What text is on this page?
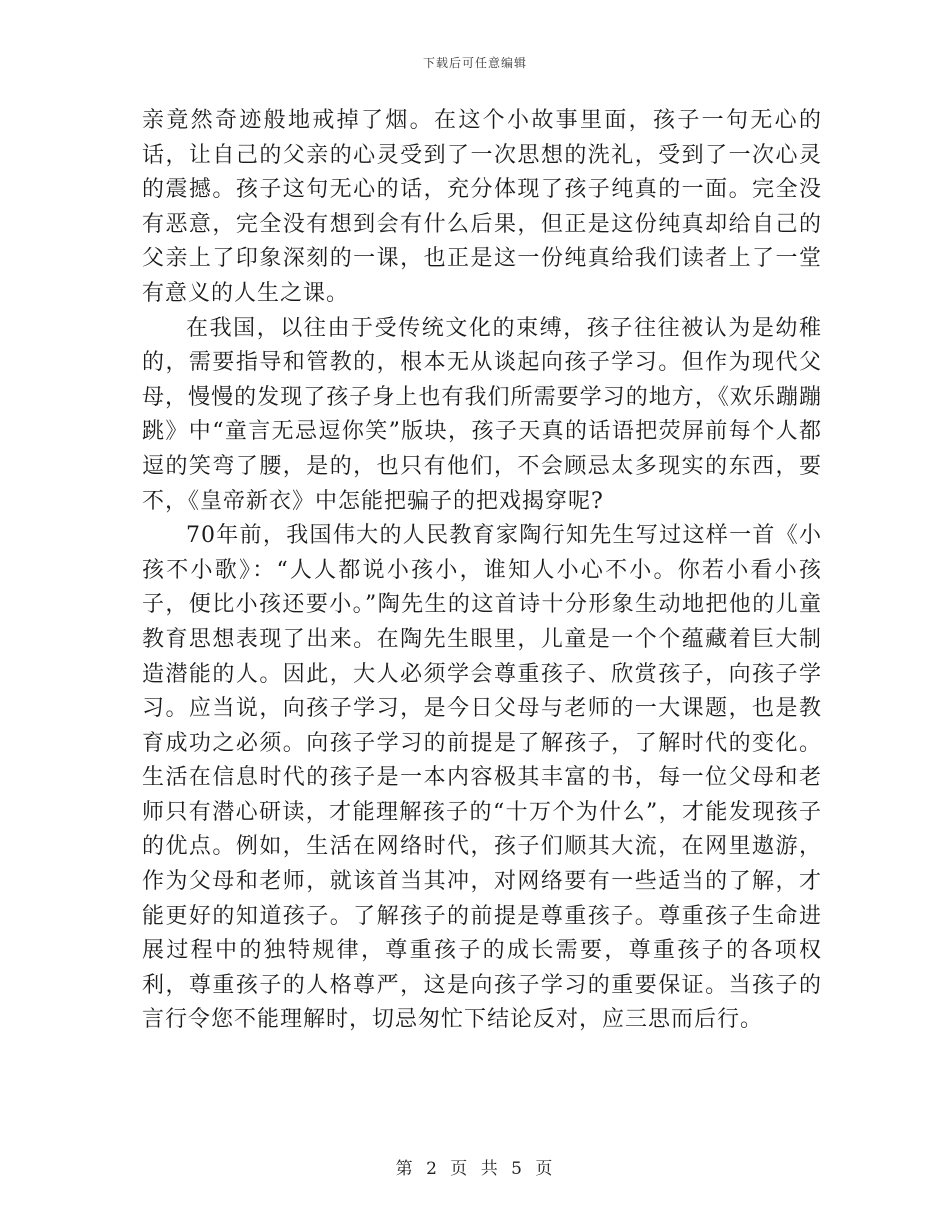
下载后可任意编辑

亲竟然奇迹般地戒掉了烟。在这个小故事里面，孩子一句无心的话，让自己的父亲的心灵受到了一次思想的洗礼，受到了一次心灵的震撼。孩子这句无心的话，充分体现了孩子纯真的一面。完全没有恶意，完全没有想到会有什么后果，但正是这份纯真却给自己的父亲上了印象深刻的一课，也正是这一份纯真给我们读者上了一堂有意义的人生之课。

在我国，以往由于受传统文化的束缚，孩子往往被认为是幼稚的，需要指导和管教的，根本无从谈起向孩子学习。但作为现代父母，慢慢的发现了孩子身上也有我们所需要学习的地方，《欢乐蹦蹦跳》中“童言无忌逗你笑”版块，孩子天真的话语把荧屏前每个人都逗的笑弯了腰，是的，也只有他们，不会顾忌太多现实的东西，要不，《皇帝新衣》中怎能把骗子的把戏揭穿呢?

70年前，我国伟大的人民教育家陶行知先生写过这样一首《小孩不小歌》：“人人都说小孩小，谁知人小心不小。你若小看小孩子，便比小孩还要小。”陶先生的这首诗十分形象生动地把他的儿童教育思想表现了出来。在陶先生眼里，儿童是一个个蕴藏着巨大制造潜能的人。因此，大人必须学会尊重孩子、欣赏孩子，向孩子学习。应当说，向孩子学习，是今日父母与老师的一大课题，也是教育成功之必须。向孩子学习的前提是了解孩子，了解时代的变化。生活在信息时代的孩子是一本内容极其丰富的书，每一位父母和老师只有潜心研读，才能理解孩子的“十万个为什么”，才能发现孩子的优点。例如，生活在网络时代，孩子们顺其大流，在网里遨游，作为父母和老师，就该首当其冲，对网络要有一些适当的了解，才能更好的知道孩子。了解孩子的前提是尊重孩子。尊重孩子生命进展过程中的独特规律，尊重孩子的成长需要，尊重孩子的各项权利，尊重孩子的人格尊严，这是向孩子学习的重要保证。当孩子的言行令您不能理解时，切忌匆忙下结论反对，应三思而后行。

第 2 页 共 5 页
